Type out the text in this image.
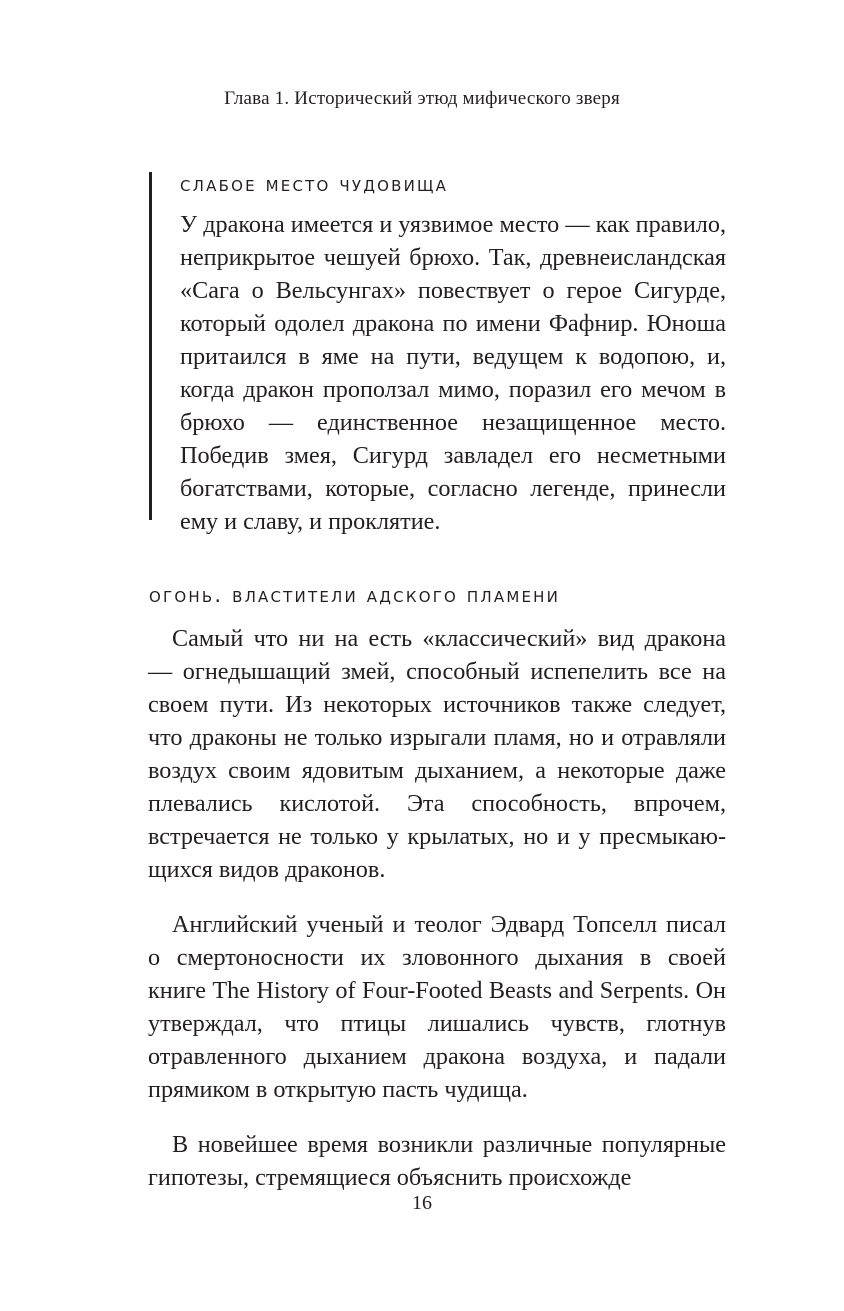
Глава 1. Исторический этюд мифического зверя
слабое место чудовища

У дракона имеется и уязвимое место — как правило, неприкрытое чешуей брюхо. Так, древнеисландская «Сага о Вельсунгах» повествует о герое Сигурде, который одолел дракона по имени Фафнир. Юноша притаился в яме на пути, ведущем к водопою, и, когда дракон проползал мимо, поразил его мечом в брюхо — единственное незащищенное место. Победив змея, Сигурд завладел его несметными богатствами, которые, согласно легенде, принесли ему и славу, и проклятие.

огонь. властители адского пламени

Самый что ни на есть «классический» вид дракона — огнедышащий змей, способный испепелить все на своем пути. Из некоторых источников также следует, что драконы не только изрыгали пламя, но и отравляли воздух своим ядовитым дыханием, а некоторые даже плевались кислотой. Эта способность, впрочем, встречается не только у крылатых, но и у пресмыкающихся видов драконов.

Английский ученый и теолог Эдвард Топселл писал о смертоносности их зловонного дыхания в своей книге The History of Four-Footed Beasts and Serpents. Он утверждал, что птицы лишались чувств, глотнув отравленного дыханием дракона воздуха, и падали прямиком в открытую пасть чудища.

В новейшее время возникли различные популярные гипотезы, стремящиеся объяснить происхожде

16
